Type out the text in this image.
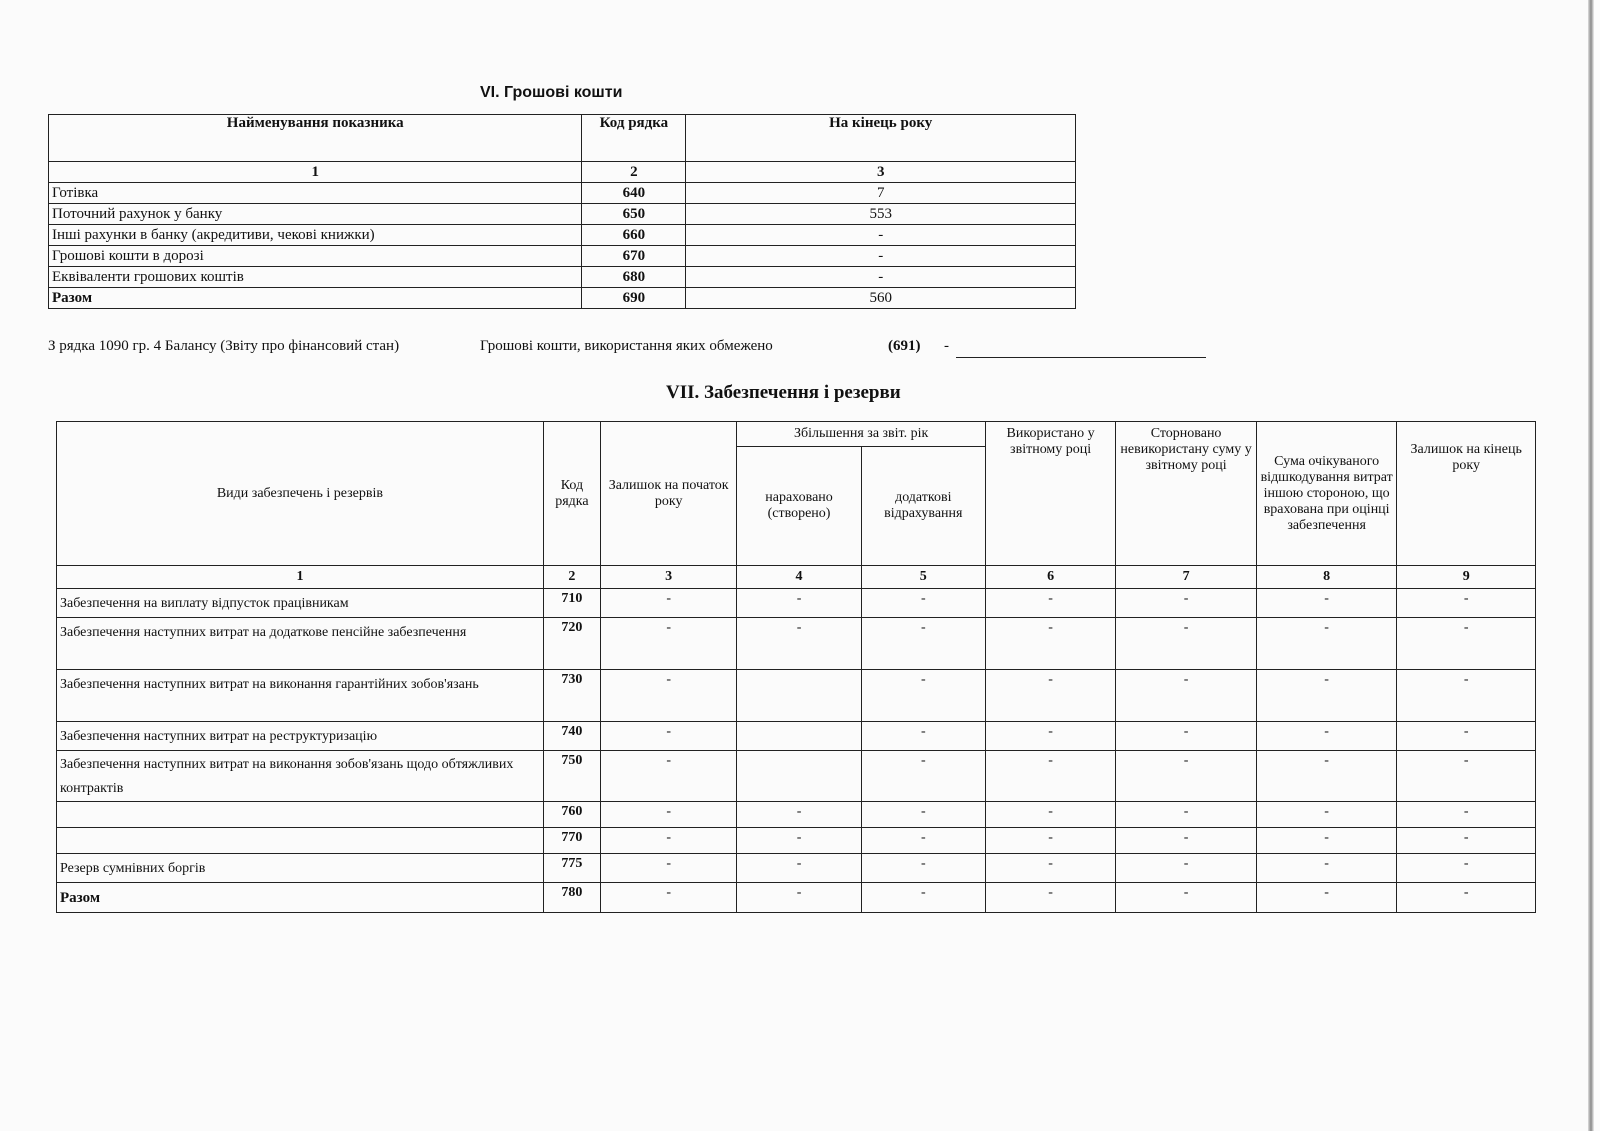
VI. Грошові кошти
Найменування показника	Код рядка	На кінець року
1	2	3
Готівка	640	7
Поточний рахунок у банку	650	553
Інші рахунки в банку (акредитиви, чекові книжки)	660	-
Грошові кошти в дорозі	670	-
Еквіваленти грошових коштів	680	-
Разом	690	560
З рядка 1090 гр. 4 Балансу (Звіту про фінансовий стан)	Грошові кошти, використання яких обмежено	(691) -
VII. Забезпечення і резерви
Види забезпечень і резервів	Код рядка	Залишок на початок року	Збільшення за звіт. рік		Використано у звітному році	Сторновано невикористану суму у звітному році	Сума очікуваного відшкодування витрат іншою стороною, що врахована при оцінці забезпечення	Залишок на кінець року
			нараховано (створено)	додаткові відрахування				
1	2	3	4	5	6	7	8	9
Забезпечення на виплату відпусток працівникам	710	-	-	-	-	-	-	-
Забезпечення наступних витрат на додаткове пенсійне забезпечення	720	-	-	-	-	-	-	-
Забезпечення наступних витрат на виконання гарантійних зобов'язань	730	-		-	-	-	-	-
Забезпечення наступних витрат на реструктуризацію	740	-		-	-	-	-	-
Забезпечення наступних витрат на виконання зобов'язань щодо обтяжливих контрактів	750	-		-	-	-	-	-
	760	-	-	-	-	-	-	-
	770	-	-	-	-	-	-	-
Резерв сумнівних боргів	775	-	-	-	-	-	-	-
Разом	780	-	-	-	-	-	-	-
